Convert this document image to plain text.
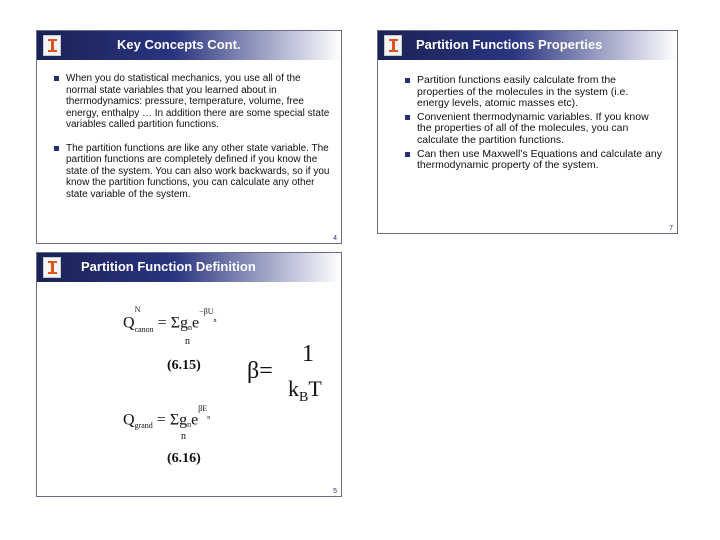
Key Concepts Cont.
When you do statistical mechanics, you use all of the normal state variables that you learned about in thermodynamics: pressure, temperature, volume, free energy, enthalpy … In addition there are some special state variables called partition functions.
The partition functions are like any other state variable. The partition functions are completely defined if you know the state of the system. You can also work backwards, so if you know the partition functions, you can calculate any other state variable of the system.
4
Partition Functions Properties
Partition functions easily calculate from the properties of the molecules in the system (i.e. energy levels, atomic masses etc).
Convenient thermodynamic variables. If you know the properties of all of the molecules, you can calculate the partition functions.
Can then use Maxwell’s Equations and calculate any thermodynamic property of the system.
7
Partition Function Definition
Q
N
$_{canon}$ = Σgne$^{-\beta Un}$
n
(6.15) β=
1
$k_BT$
$Q_{grand} = \Sigma gne^{\beta En}$
n
(6.16)
5
